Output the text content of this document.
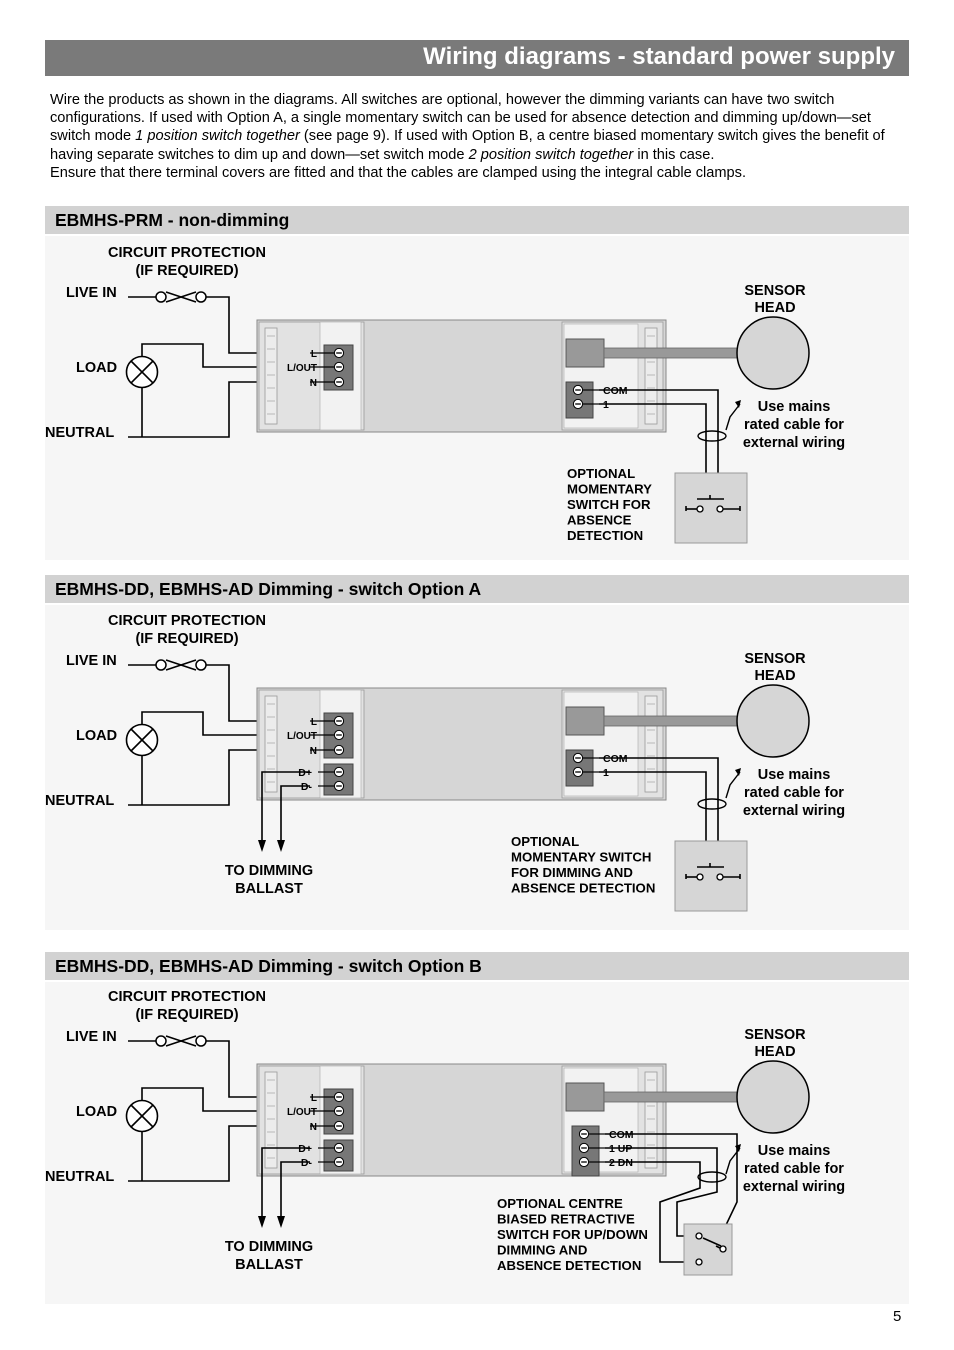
Wiring diagrams - standard power supply

Wire the products as shown in the diagrams. All switches are optional, however the dimming variants can have two switch configurations. If used with Option A, a single momentary switch can be used for absence detection and dimming up/down—set switch mode 1 position switch together (see page 9). If used with Option B, a centre biased momentary switch gives the benefit of having separate switches to dim up and down—set switch mode 2 position switch together in this case.

Ensure that there terminal covers are fitted and that the cables are clamped using the integral cable clamps.

EBMHS-PRM - non-dimming
EBMHS-DD, EBMHS-AD Dimming - switch Option A
EBMHS-DD, EBMHS-AD Dimming - switch Option B
CIRCUIT PROTECTION
(IF REQUIRED)
LIVE IN
LOAD
NEUTRAL
L
L/OUT
N
SENSOR
HEAD
COM
1	Use mains
rated cable for
external wiring
OPTIONAL
MOMENTARY
SWITCH FOR
ABSENCE
DETECTION
CIRCUIT PROTECTION
(IF REQUIRED)
LIVE IN
LOAD
NEUTRAL
L
L/OUT
N
D+
D-
TO DIMMING
BALLAST
SENSOR
HEAD
COM
1	Use mains
rated cable for
external wiring
OPTIONAL
MOMENTARY SWITCH
FOR DIMMING AND
ABSENCE DETECTION
CIRCUIT PROTECTION
(IF REQUIRED)
LIVE IN
LOAD
NEUTRAL
L
L/OUT
N
D+
D-
TO DIMMING
BALLAST
SENSOR
HEAD
COM
1 UP
2 DN
Use mains
rated cable for
external wiring
OPTIONAL CENTRE
BIASED RETRACTIVE
SWITCH FOR UP/DOWN
DIMMING AND
ABSENCE DETECTION
5
